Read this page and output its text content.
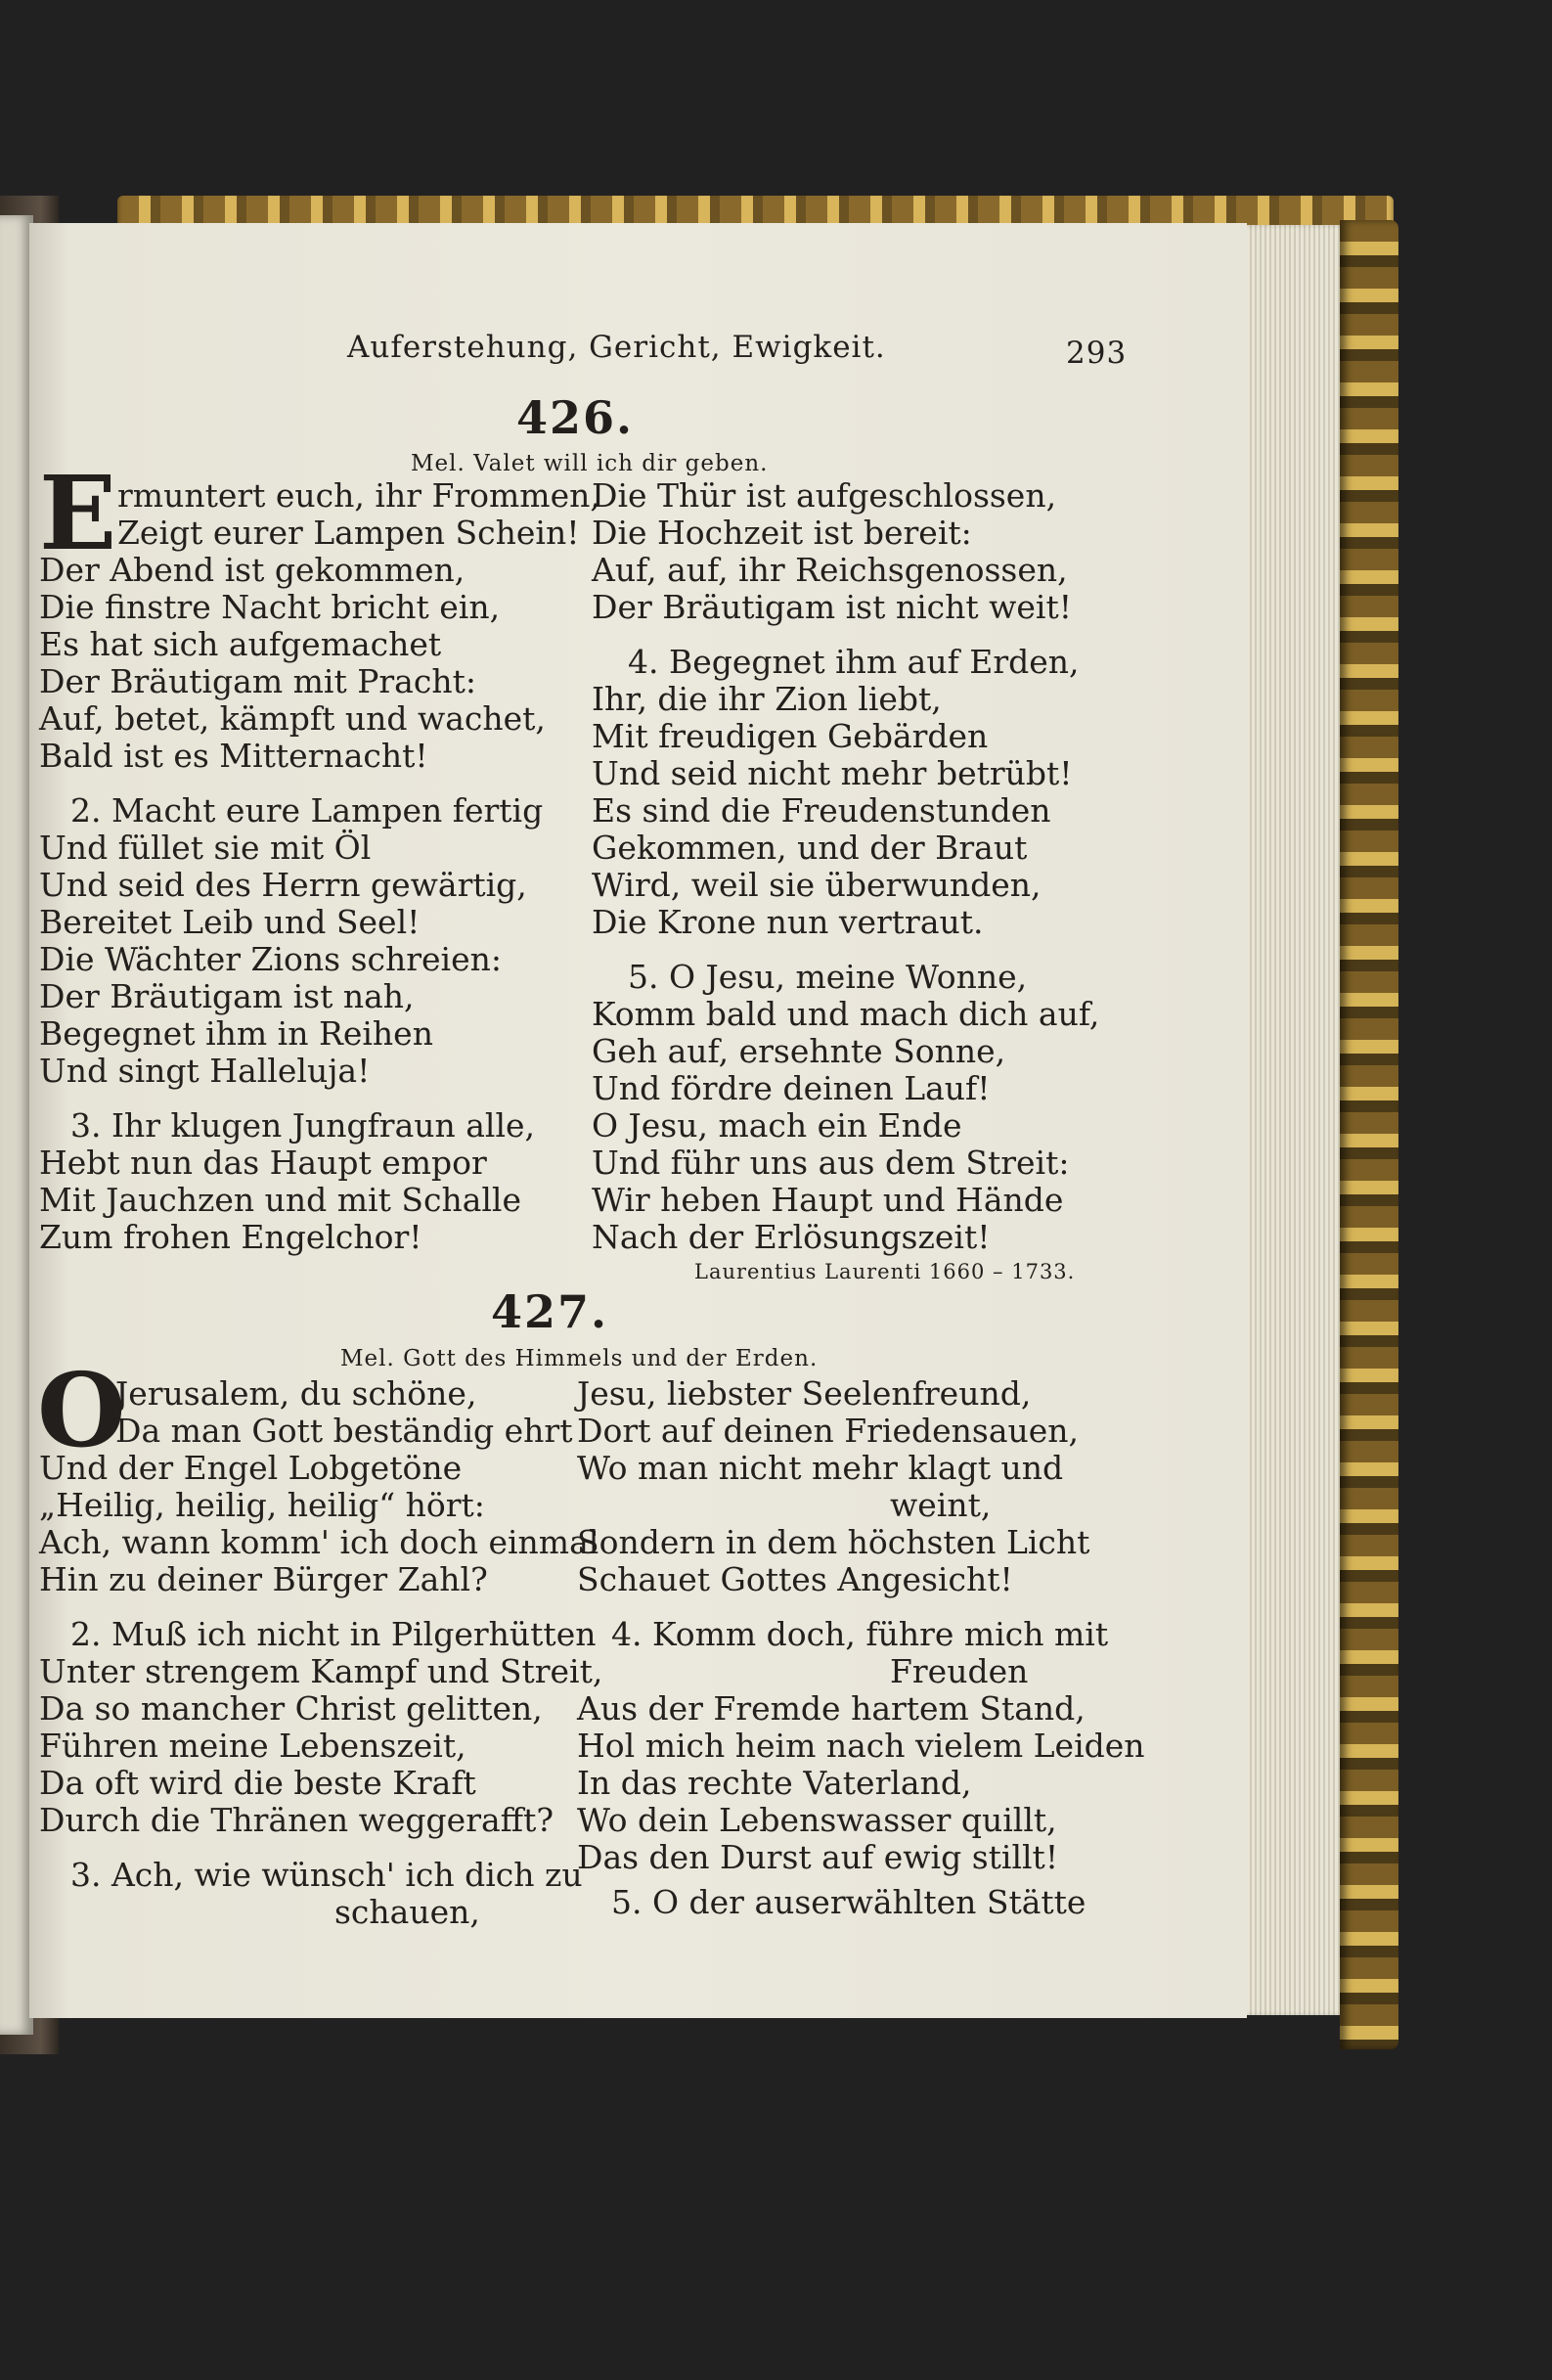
Auferstehung, Gericht, Ewigkeit.	293
426.
Mel. Valet will ich dir geben.
E rmuntert euch, ihr Frommen,
Zeigt eurer Lampen Schein!
Der Abend ist gekommen,
Die finstre Nacht bricht ein,
Es hat sich aufgemachet
Der Bräutigam mit Pracht:
Auf, betet, kämpft und wachet,
Bald ist es Mitternacht!
2. Macht eure Lampen fertig
Und füllet sie mit Öl
Und seid des Herrn gewärtig,
Bereitet Leib und Seel!
Die Wächter Zions schreien:
Der Bräutigam ist nah,
Begegnet ihm in Reihen
Und singt Halleluja!
3. Ihr klugen Jungfraun alle,
Hebt nun das Haupt empor
Mit Jauchzen und mit Schalle
Zum frohen Engelchor!
Die Thür ist aufgeschlossen,
Die Hochzeit ist bereit:
Auf, auf, ihr Reichsgenossen,
Der Bräutigam ist nicht weit!
4. Begegnet ihm auf Erden,
Ihr, die ihr Zion liebt,
Mit freudigen Gebärden
Und seid nicht mehr betrübt!
Es sind die Freudenstunden
Gekommen, und der Braut
Wird, weil sie überwunden,
Die Krone nun vertraut.
5. O Jesu, meine Wonne,
Komm bald und mach dich auf,
Geh auf, ersehnte Sonne,
Und fördre deinen Lauf!
O Jesu, mach ein Ende
Und führ uns aus dem Streit:
Wir heben Haupt und Hände
Nach der Erlösungszeit!
Laurentius Laurenti 1660 – 1733.
427.
Mel. Gott des Himmels und der Erden.
O
Jerusalem, du schöne,
Da man Gott beständig ehrt
Und der Engel Lobgetöne
„Heilig, heilig, heilig“ hört:
Ach, wann komm' ich doch einmal
Hin zu deiner Bürger Zahl?
2. Muß ich nicht in Pilgerhütten
Unter strengem Kampf und Streit,
Da so mancher Christ gelitten,
Führen meine Lebenszeit,
Da oft wird die beste Kraft
Durch die Thränen weggerafft?
3. Ach, wie wünsch' ich dich zu
schauen,
Jesu, liebster Seelenfreund,
Dort auf deinen Friedensauen,
Wo man nicht mehr klagt und
weint,
Sondern in dem höchsten Licht
Schauet Gottes Angesicht!
4. Komm doch, führe mich mit
Freuden
Aus der Fremde hartem Stand,
Hol mich heim nach vielem Leiden
In das rechte Vaterland,
Wo dein Lebenswasser quillt,
Das den Durst auf ewig stillt!
5. O der auserwählten Stätte
